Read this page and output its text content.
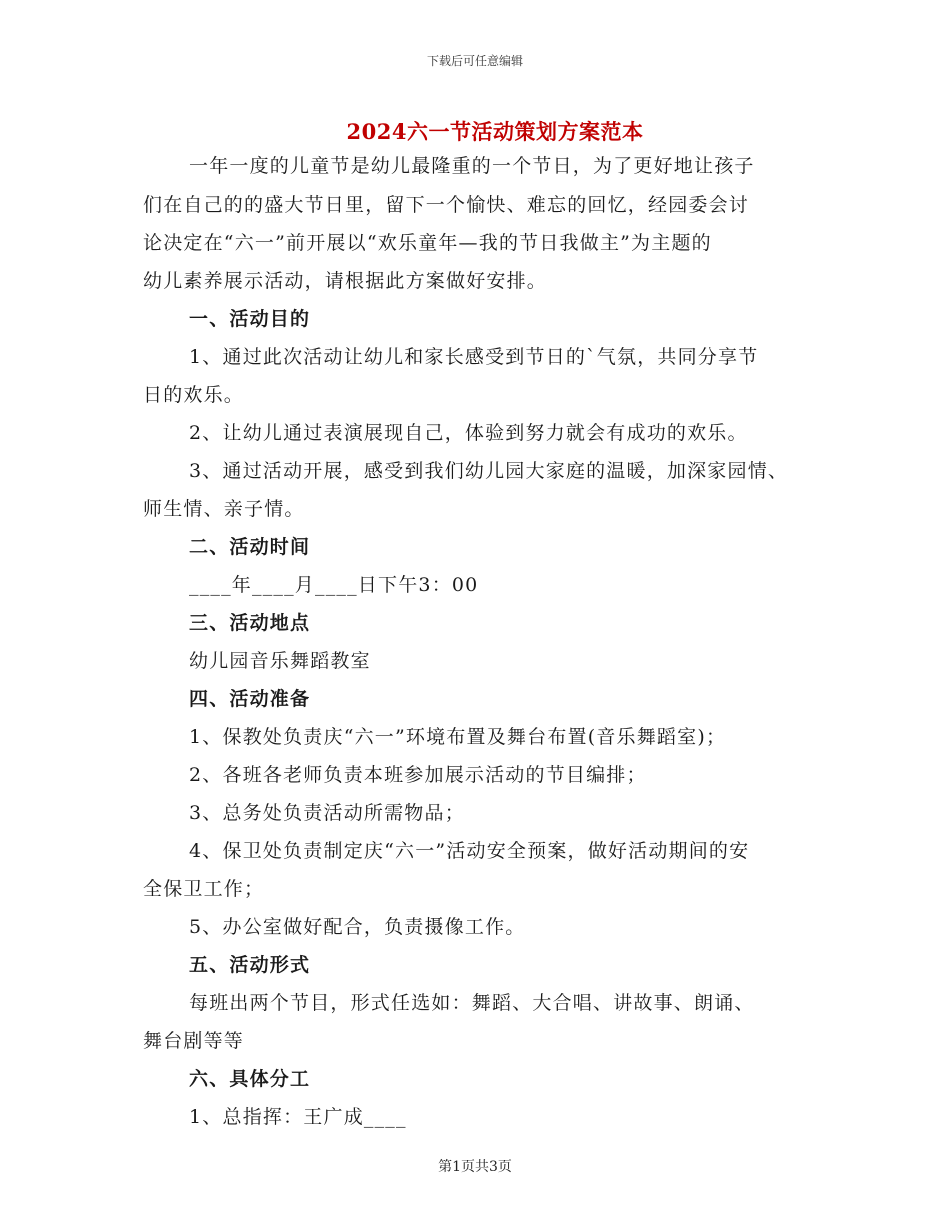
下载后可任意编辑
2024六一节活动策划方案范本
一年一度的儿童节是幼儿最隆重的一个节日，为了更好地让孩子
们在自己的的盛大节日里，留下一个愉快、难忘的回忆，经园委会讨
论决定在“六一”前开展以“欢乐童年—我的节日我做主”为主题的
幼儿素养展示活动，请根据此方案做好安排。
一、活动目的
1、通过此次活动让幼儿和家长感受到节日的`气氛，共同分享节
日的欢乐。
2、让幼儿通过表演展现自己，体验到努力就会有成功的欢乐。
3、通过活动开展，感受到我们幼儿园大家庭的温暖，加深家园情、
师生情、亲子情。
二、活动时间
____年____月____日下午3：00
三、活动地点
幼儿园音乐舞蹈教室
四、活动准备
1、保教处负责庆“六一”环境布置及舞台布置(音乐舞蹈室)；
2、各班各老师负责本班参加展示活动的节目编排；
3、总务处负责活动所需物品；
4、保卫处负责制定庆“六一”活动安全预案，做好活动期间的安
全保卫工作；
5、办公室做好配合，负责摄像工作。
五、活动形式
每班出两个节目，形式任选如：舞蹈、大合唱、讲故事、朗诵、
舞台剧等等
六、具体分工
1、总指挥：王广成____
第1页共3页
